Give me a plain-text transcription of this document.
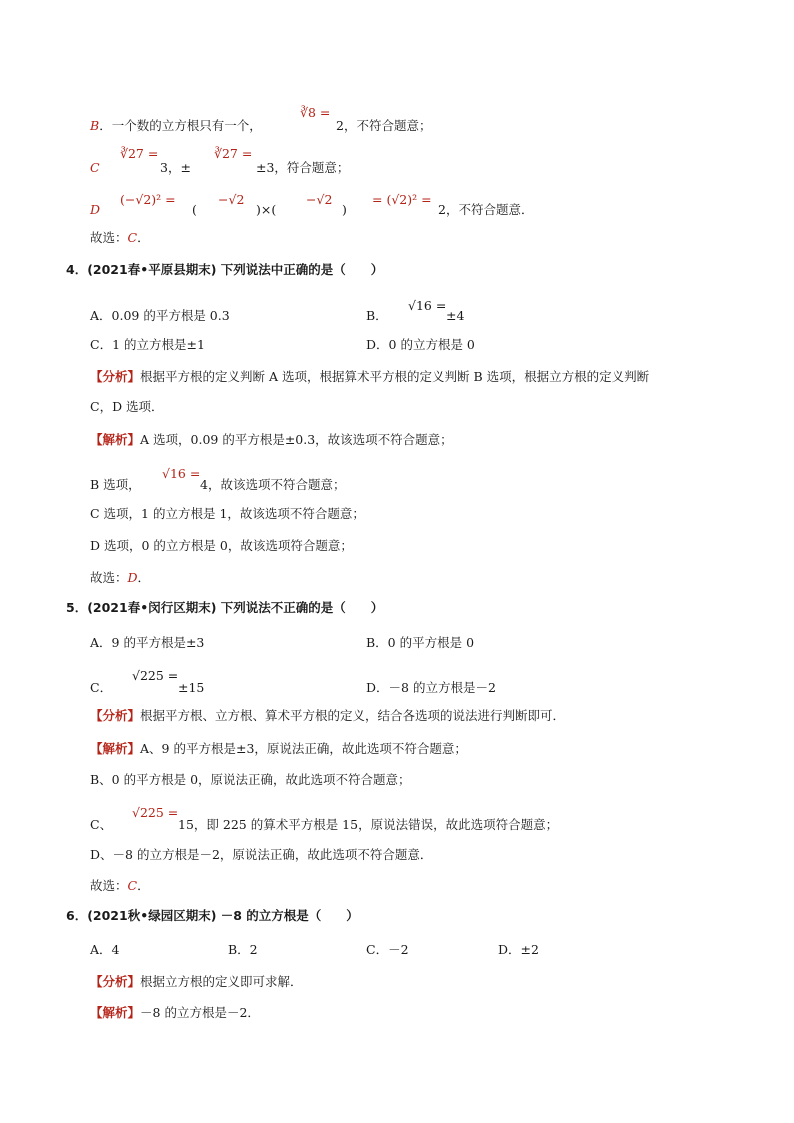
B．一个数的立方根只有一个，
∛8 =
2，不符合题意；
C
∛27 =
3，±
∛27 =
±3，符合题意；
D
(−√2)² =
(
−√2
)×(
−√2
)
= (√2)² =
2，不符合题意．
故选：C．
4．(2021春•平原县期末) 下列说法中正确的是（　　）
A．0.09 的平方根是 0.3	B．
√16 =
±4
C．1 的立方根是±1	D．0 的立方根是 0
【分析】根据平方根的定义判断 A 选项，根据算术平方根的定义判断 B 选项，根据立方根的定义判断
C，D 选项．
【解析】A 选项，0.09 的平方根是±0.3，故该选项不符合题意；
B 选项，
√16 =
4，故该选项不符合题意；
C 选项，1 的立方根是 1，故该选项不符合题意；
D 选项，0 的立方根是 0，故该选项符合题意；
故选：D．
5．(2021春•闵行区期末) 下列说法不正确的是（　　）
A．9 的平方根是±3	B．0 的平方根是 0
C．
√225 =
±15	D．－8 的立方根是－2
【分析】根据平方根、立方根、算术平方根的定义，结合各选项的说法进行判断即可．
【解析】A、9 的平方根是±3，原说法正确，故此选项不符合题意；
B、0 的平方根是 0，原说法正确，故此选项不符合题意；
C、
√225 =
15，即 225 的算术平方根是 15，原说法错误，故此选项符合题意；
D、－8 的立方根是－2，原说法正确，故此选项不符合题意．
故选：C．
6．(2021秋•绿园区期末) －8 的立方根是（　　）
A．4	B．2	C．－2	D．±2
【分析】根据立方根的定义即可求解．
【解析】－8 的立方根是－2．
